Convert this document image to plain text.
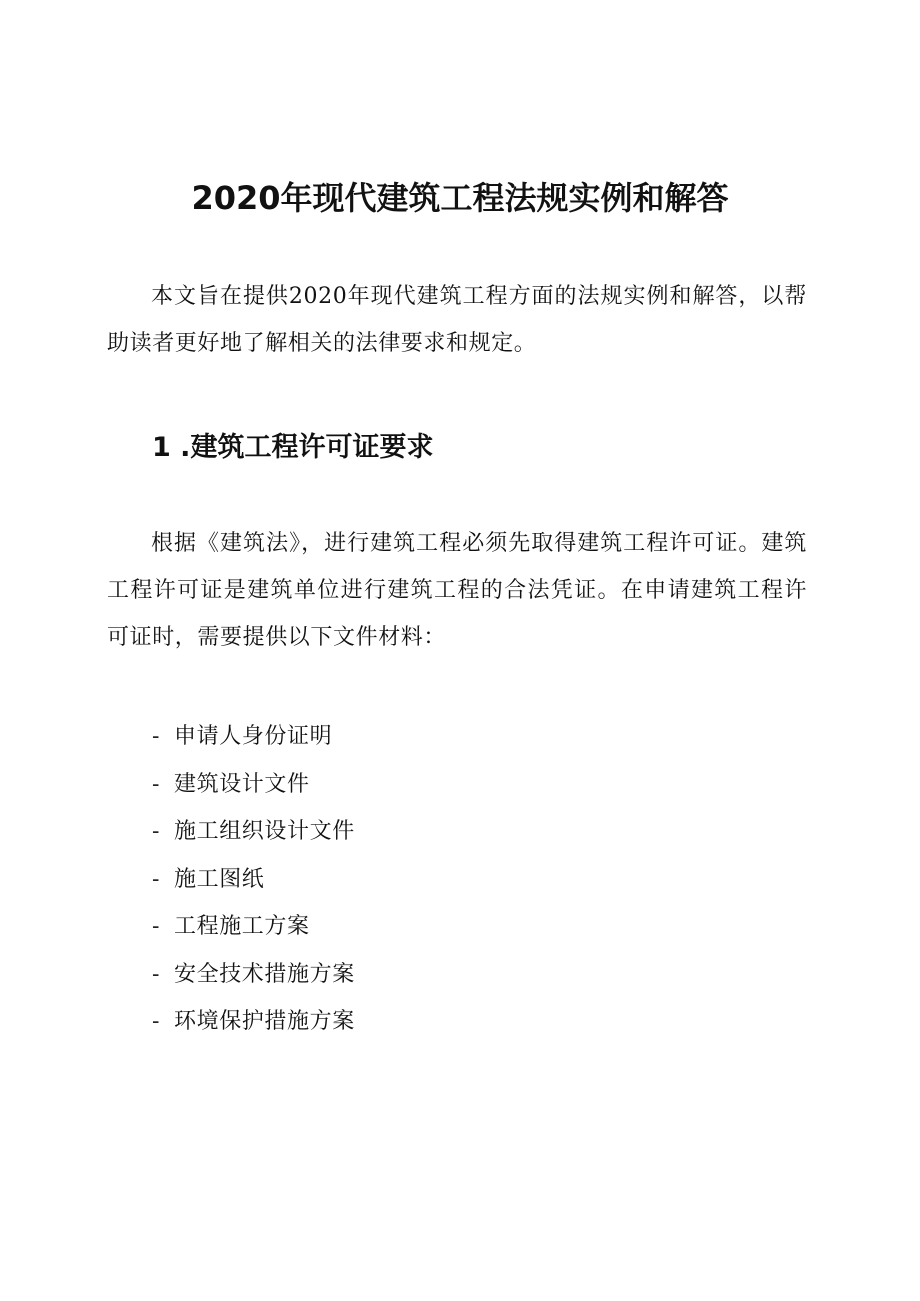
2020年现代建筑工程法规实例和解答

本文旨在提供2020年现代建筑工程方面的法规实例和解答，以帮助读者更好地了解相关的法律要求和规定。

1 .建筑工程许可证要求

根据《建筑法》，进行建筑工程必须先取得建筑工程许可证。建筑工程许可证是建筑单位进行建筑工程的合法凭证。在申请建筑工程许可证时，需要提供以下文件材料：

- 申请人身份证明
- 建筑设计文件
- 施工组织设计文件
- 施工图纸
- 工程施工方案
- 安全技术措施方案
- 环境保护措施方案
